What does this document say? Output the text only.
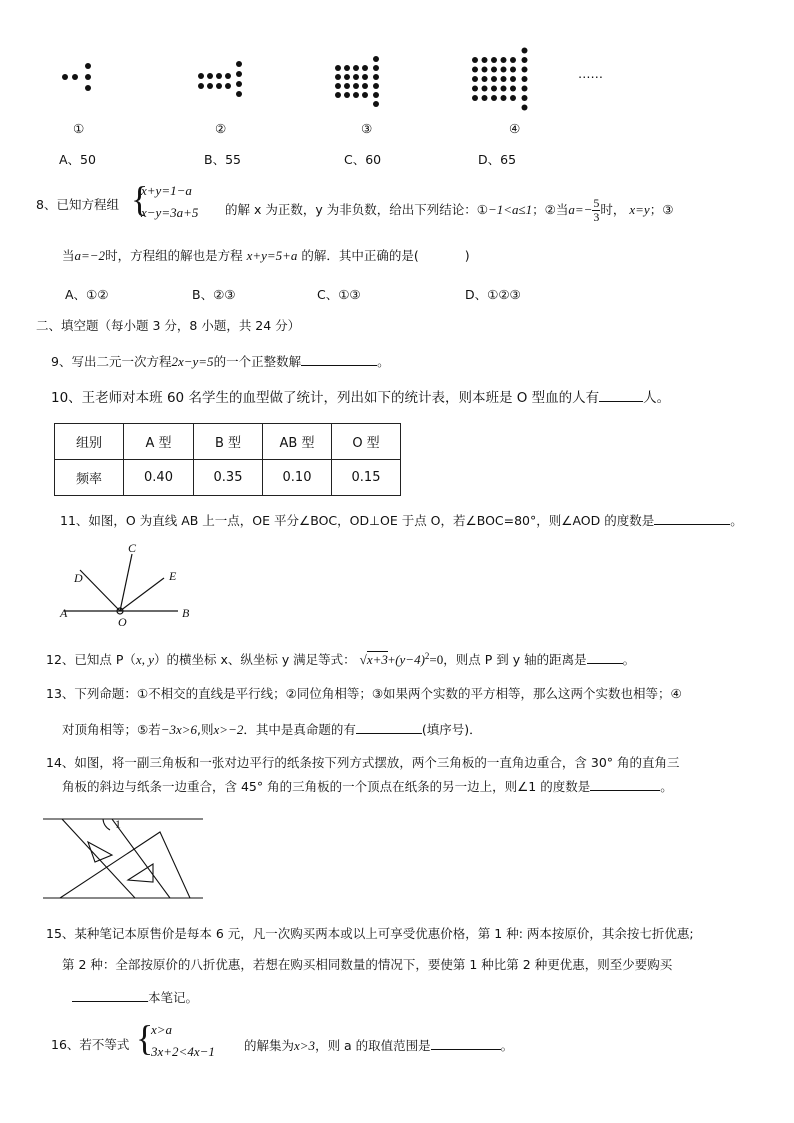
……
①	②	③	④
A、50	B、55	C、60	D、65
8、已知方程组 {
x+y=1−a
x−y=3a+5 的解 x 为正数，y 为非负数，给出下列结论：①−1<a≤1；②当$a=- \frac{5}{3}$ 时， x=y；③
当a=−2时，方程组的解也是方程 x+y=5+a 的解．其中正确的是(	)
A、①②	B、②③	C、①③	D、①②③
二、填空题（每小题 3 分，8 小题，共 24 分）
9、写出二元一次方程2x−y=5的一个正整数解	。
10、王老师对本班 60 名学生的血型做了统计，列出如下的统计表，则本班是 O 型血的人有	人。
组别	A 型	B 型	AB 型	O 型
频率	0.40	0.35	0.10	0.15
11、如图，O 为直线 AB 上一点，OE 平分∠BOC，OD⊥OE 于点 O，若∠BOC=80°，则∠AOD 的度数是	。
C
D	E
A
O
B
12、已知点 P（x, y）的横坐标 x、纵坐标 y 满足等式： $√x+3+(y-4)^2=0$，则点 P 到 y 轴的距离是	。
13、下列命题：①不相交的直线是平行线；②同位角相等；③如果两个实数的平方相等，那么这两个实数也相等；④
对顶角相等；⑤若−3x>6,则x>−2．其中是真命题的有	(填序号)．
14、如图，将一副三角板和一张对边平行的纸条按下列方式摆放，两个三角板的一直角边重合，含 30° 角的直角三
角板的斜边与纸条一边重合，含 45° 角的三角板的一个顶点在纸条的另一边上，则∠1 的度数是	。
1
15、某种笔记本原售价是每本 6 元，凡一次购买两本或以上可享受优惠价格，第 1 种: 两本按原价，其余按七折优惠;
第 2 种：全部按原价的八折优惠，若想在购买相同数量的情况下，要使第 1 种比第 2 种更优惠，则至少要购买
本笔记。
16、若不等式 {
x>a
3x+2<4x−1 的解集为x>3，则 a 的取值范围是	。
